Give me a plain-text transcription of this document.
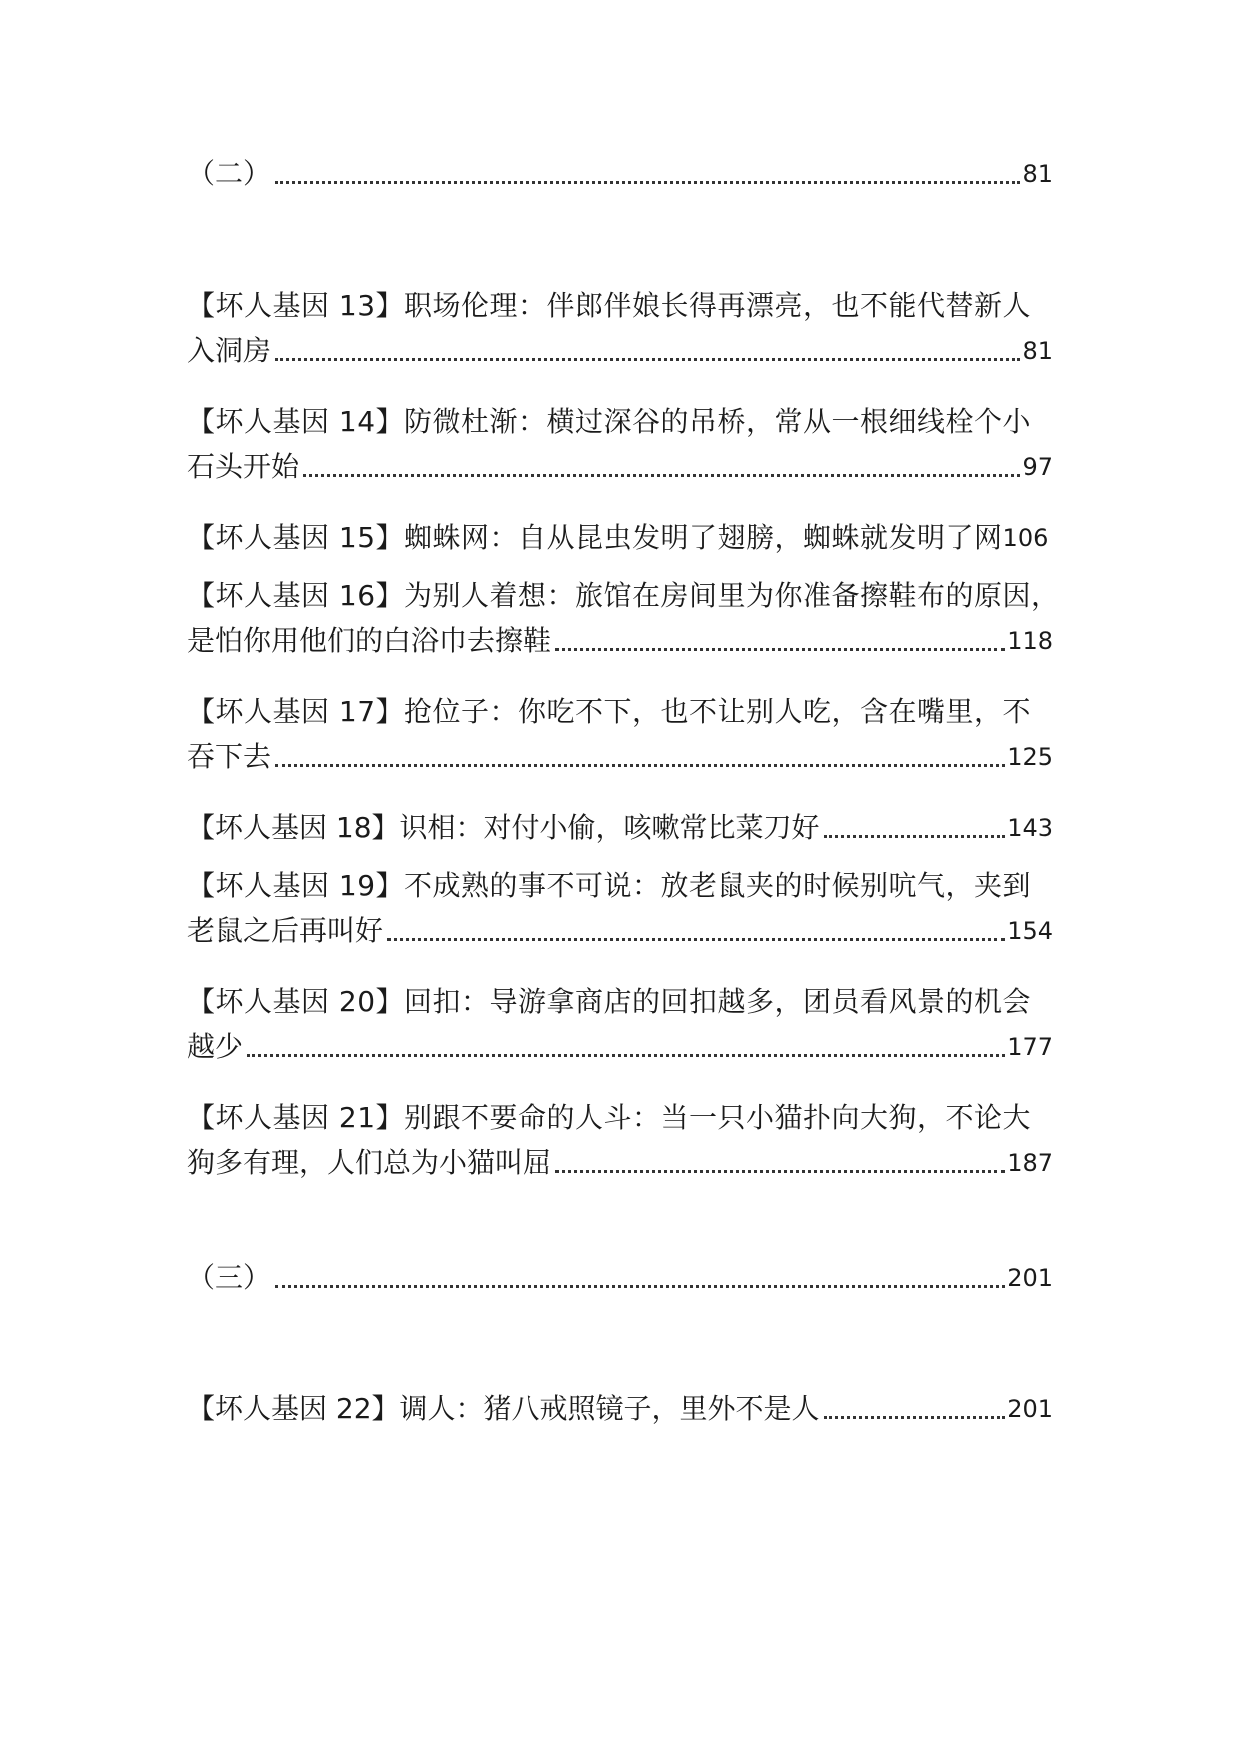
（二）	81
【坏人基因 13】职场伦理：伴郎伴娘长得再漂亮，也不能代替新人
入洞房	81
【坏人基因 14】防微杜渐：横过深谷的吊桥，常从一根细线栓个小
石头开始	97
【坏人基因 15】蜘蛛网：自从昆虫发明了翅膀，蜘蛛就发明了网 106
【坏人基因 16】为别人着想：旅馆在房间里为你准备擦鞋布的原因，
是怕你用他们的白浴巾去擦鞋	118
【坏人基因 17】抢位子：你吃不下，也不让别人吃，含在嘴里，不
吞下去	125
【坏人基因 18】识相：对付小偷，咳嗽常比菜刀好	143
【坏人基因 19】不成熟的事不可说：放老鼠夹的时候别吭气，夹到
老鼠之后再叫好	154
【坏人基因 20】回扣：导游拿商店的回扣越多，团员看风景的机会
越少	177
【坏人基因 21】别跟不要命的人斗：当一只小猫扑向大狗，不论大
狗多有理，人们总为小猫叫屈	187
（三）	201
【坏人基因 22】调人：猪八戒照镜子，里外不是人	201
